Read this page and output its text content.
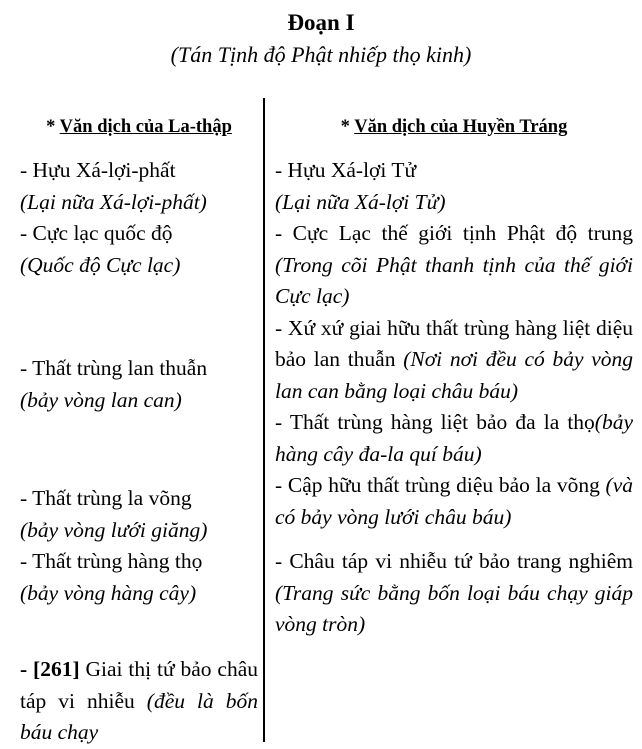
Đoạn I
(Tán Tịnh độ Phật nhiếp thọ kinh)
* Văn dịch của La-thập
- Hựu Xá-lợi-phất
(Lại nữa Xá-lợi-phất)
- Cực lạc quốc độ
(Quốc độ Cực lạc)
- Thất trùng lan thuẫn
(bảy vòng lan can)
- Thất trùng la võng
(bảy vòng lưới giăng)
- Thất trùng hàng thọ
(bảy vòng hàng cây)
- [261] Giai thị tứ bảo châu táp vi nhiễu (đều là bốn báu chạy
* Văn dịch của Huyền Tráng
- Hựu Xá-lợi Tử
(Lại nữa Xá-lợi Tử)
- Cực Lạc thế giới tịnh Phật độ trung (Trong cõi Phật thanh tịnh của thế giới Cực lạc)
- Xứ xứ giai hữu thất trùng hàng liệt diệu bảo lan thuẫn (Nơi nơi đều có bảy vòng lan can bằng loại châu báu)
- Thất trùng hàng liệt bảo đa la thọ(bảy hàng cây đa-la quí báu)
- Cập hữu thất trùng diệu bảo la võng (và có bảy vòng lưới châu báu)
- Châu táp vi nhiễu tứ bảo trang nghiêm (Trang sức bằng bốn loại báu chạy giáp vòng tròn)
